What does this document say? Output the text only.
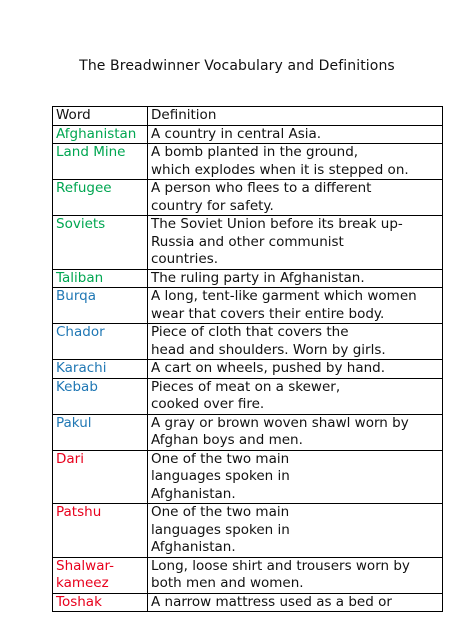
The Breadwinner Vocabulary and Definitions
Word	Definition

Afghanistan	A country in central Asia.

Land Mine	A bomb planted in the ground,
which explodes when it is stepped on.

Refugee	A person who flees to a different
country for safety.

Soviets	The Soviet Union before its break up-
Russia and other communist
countries.

Taliban	The ruling party in Afghanistan.

Burqa	A long, tent-like garment which women
wear that covers their entire body.

Chador	Piece of cloth that covers the
head and shoulders. Worn by girls.

Karachi	A cart on wheels, pushed by hand.

Kebab	Pieces of meat on a skewer,
cooked over fire.

Pakul	A gray or brown woven shawl worn by
Afghan boys and men.

Dari	One of the two main
languages spoken in
Afghanistan.

Patshu	One of the two main
languages spoken in
Afghanistan.

Shalwar-
kameez	Long, loose shirt and trousers worn by
both men and women.

Toshak	A narrow mattress used as a bed or
